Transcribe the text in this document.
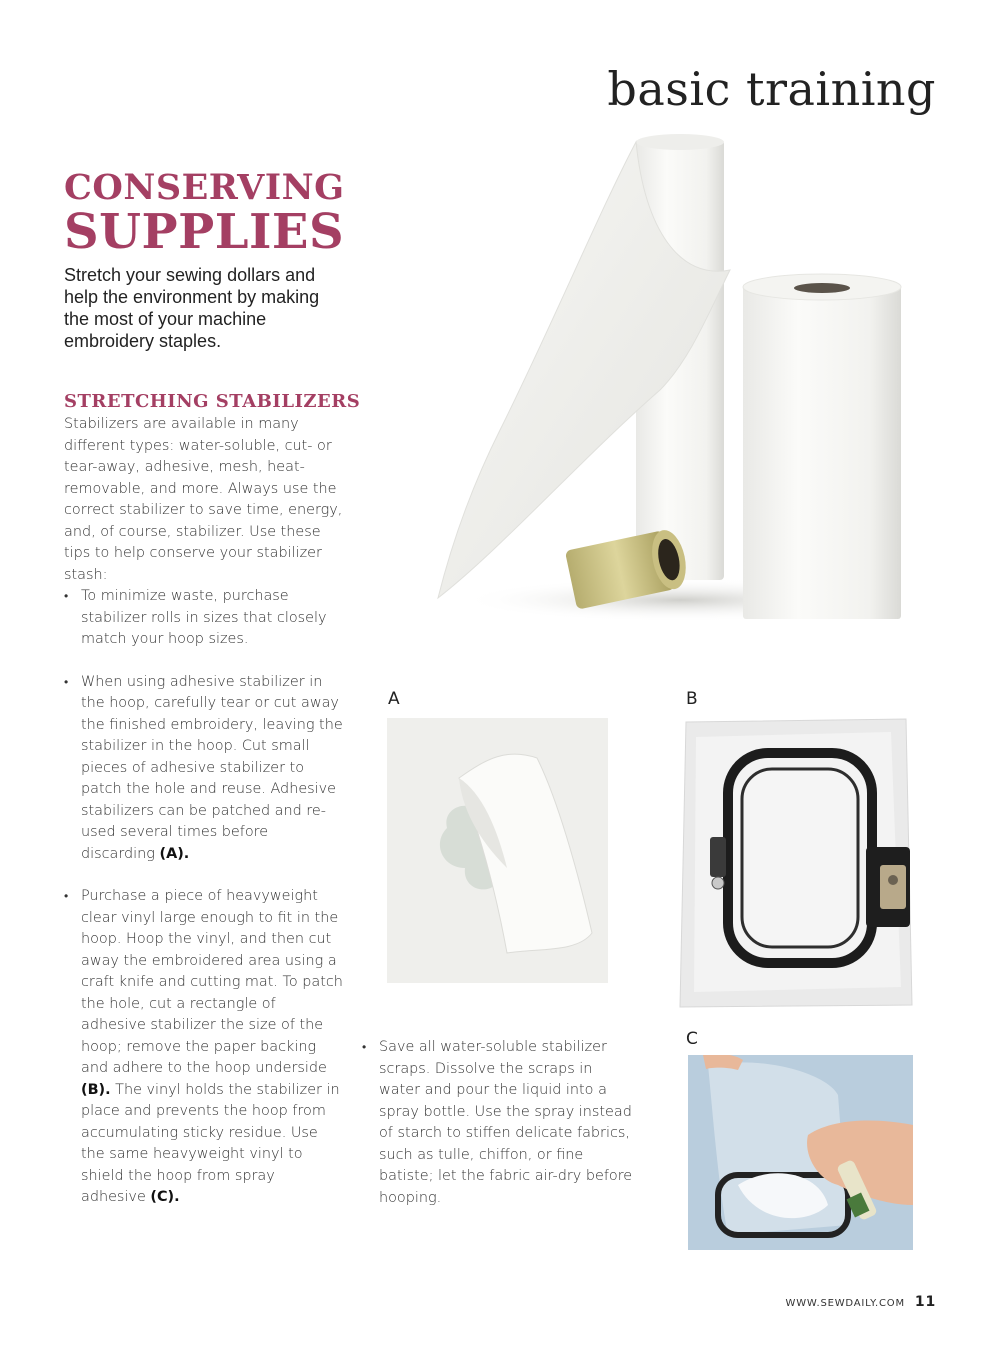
basic training
CONSERVING
SUPPLIES

Stretch your sewing dollars and help the environment by making the most of your machine embroidery staples.

STRETCHING STABILIZERS

Stabilizers are available in many different types: water-soluble, cut- or tear-away, adhesive, mesh, heat-removable, and more. Always use the correct stabilizer to save time, energy, and, of course, stabilizer. Use these tips to help conserve your stabilizer stash:

• To minimize waste, purchase stabilizer rolls in sizes that closely match your hoop sizes.
• When using adhesive stabilizer in the hoop, carefully tear or cut away the finished embroidery, leaving the stabilizer in the hoop. Cut small pieces of adhesive stabilizer to patch the hole and reuse. Adhesive stabilizers can be patched and re-used several times before discarding (A).
• Purchase a piece of heavyweight clear vinyl large enough to fit in the hoop. Hoop the vinyl, and then cut away the embroidered area using a craft knife and cutting mat. To patch the hole, cut a rectangle of adhesive stabilizer the size of the hoop; remove the paper backing and adhere to the hoop underside (B). The vinyl holds the stabilizer in place and prevents the hoop from accumulating sticky residue. Use the same heavyweight vinyl to shield the hoop from spray adhesive (C).
• Save all water-soluble stabilizer scraps. Dissolve the scraps in water and pour the liquid into a spray bottle. Use the spray instead of starch to stiffen delicate fabrics, such as tulle, chiffon, or fine batiste; let the fabric air-dry before hooping.
A	B
C
WWW.SEWDAILY.COM 11
